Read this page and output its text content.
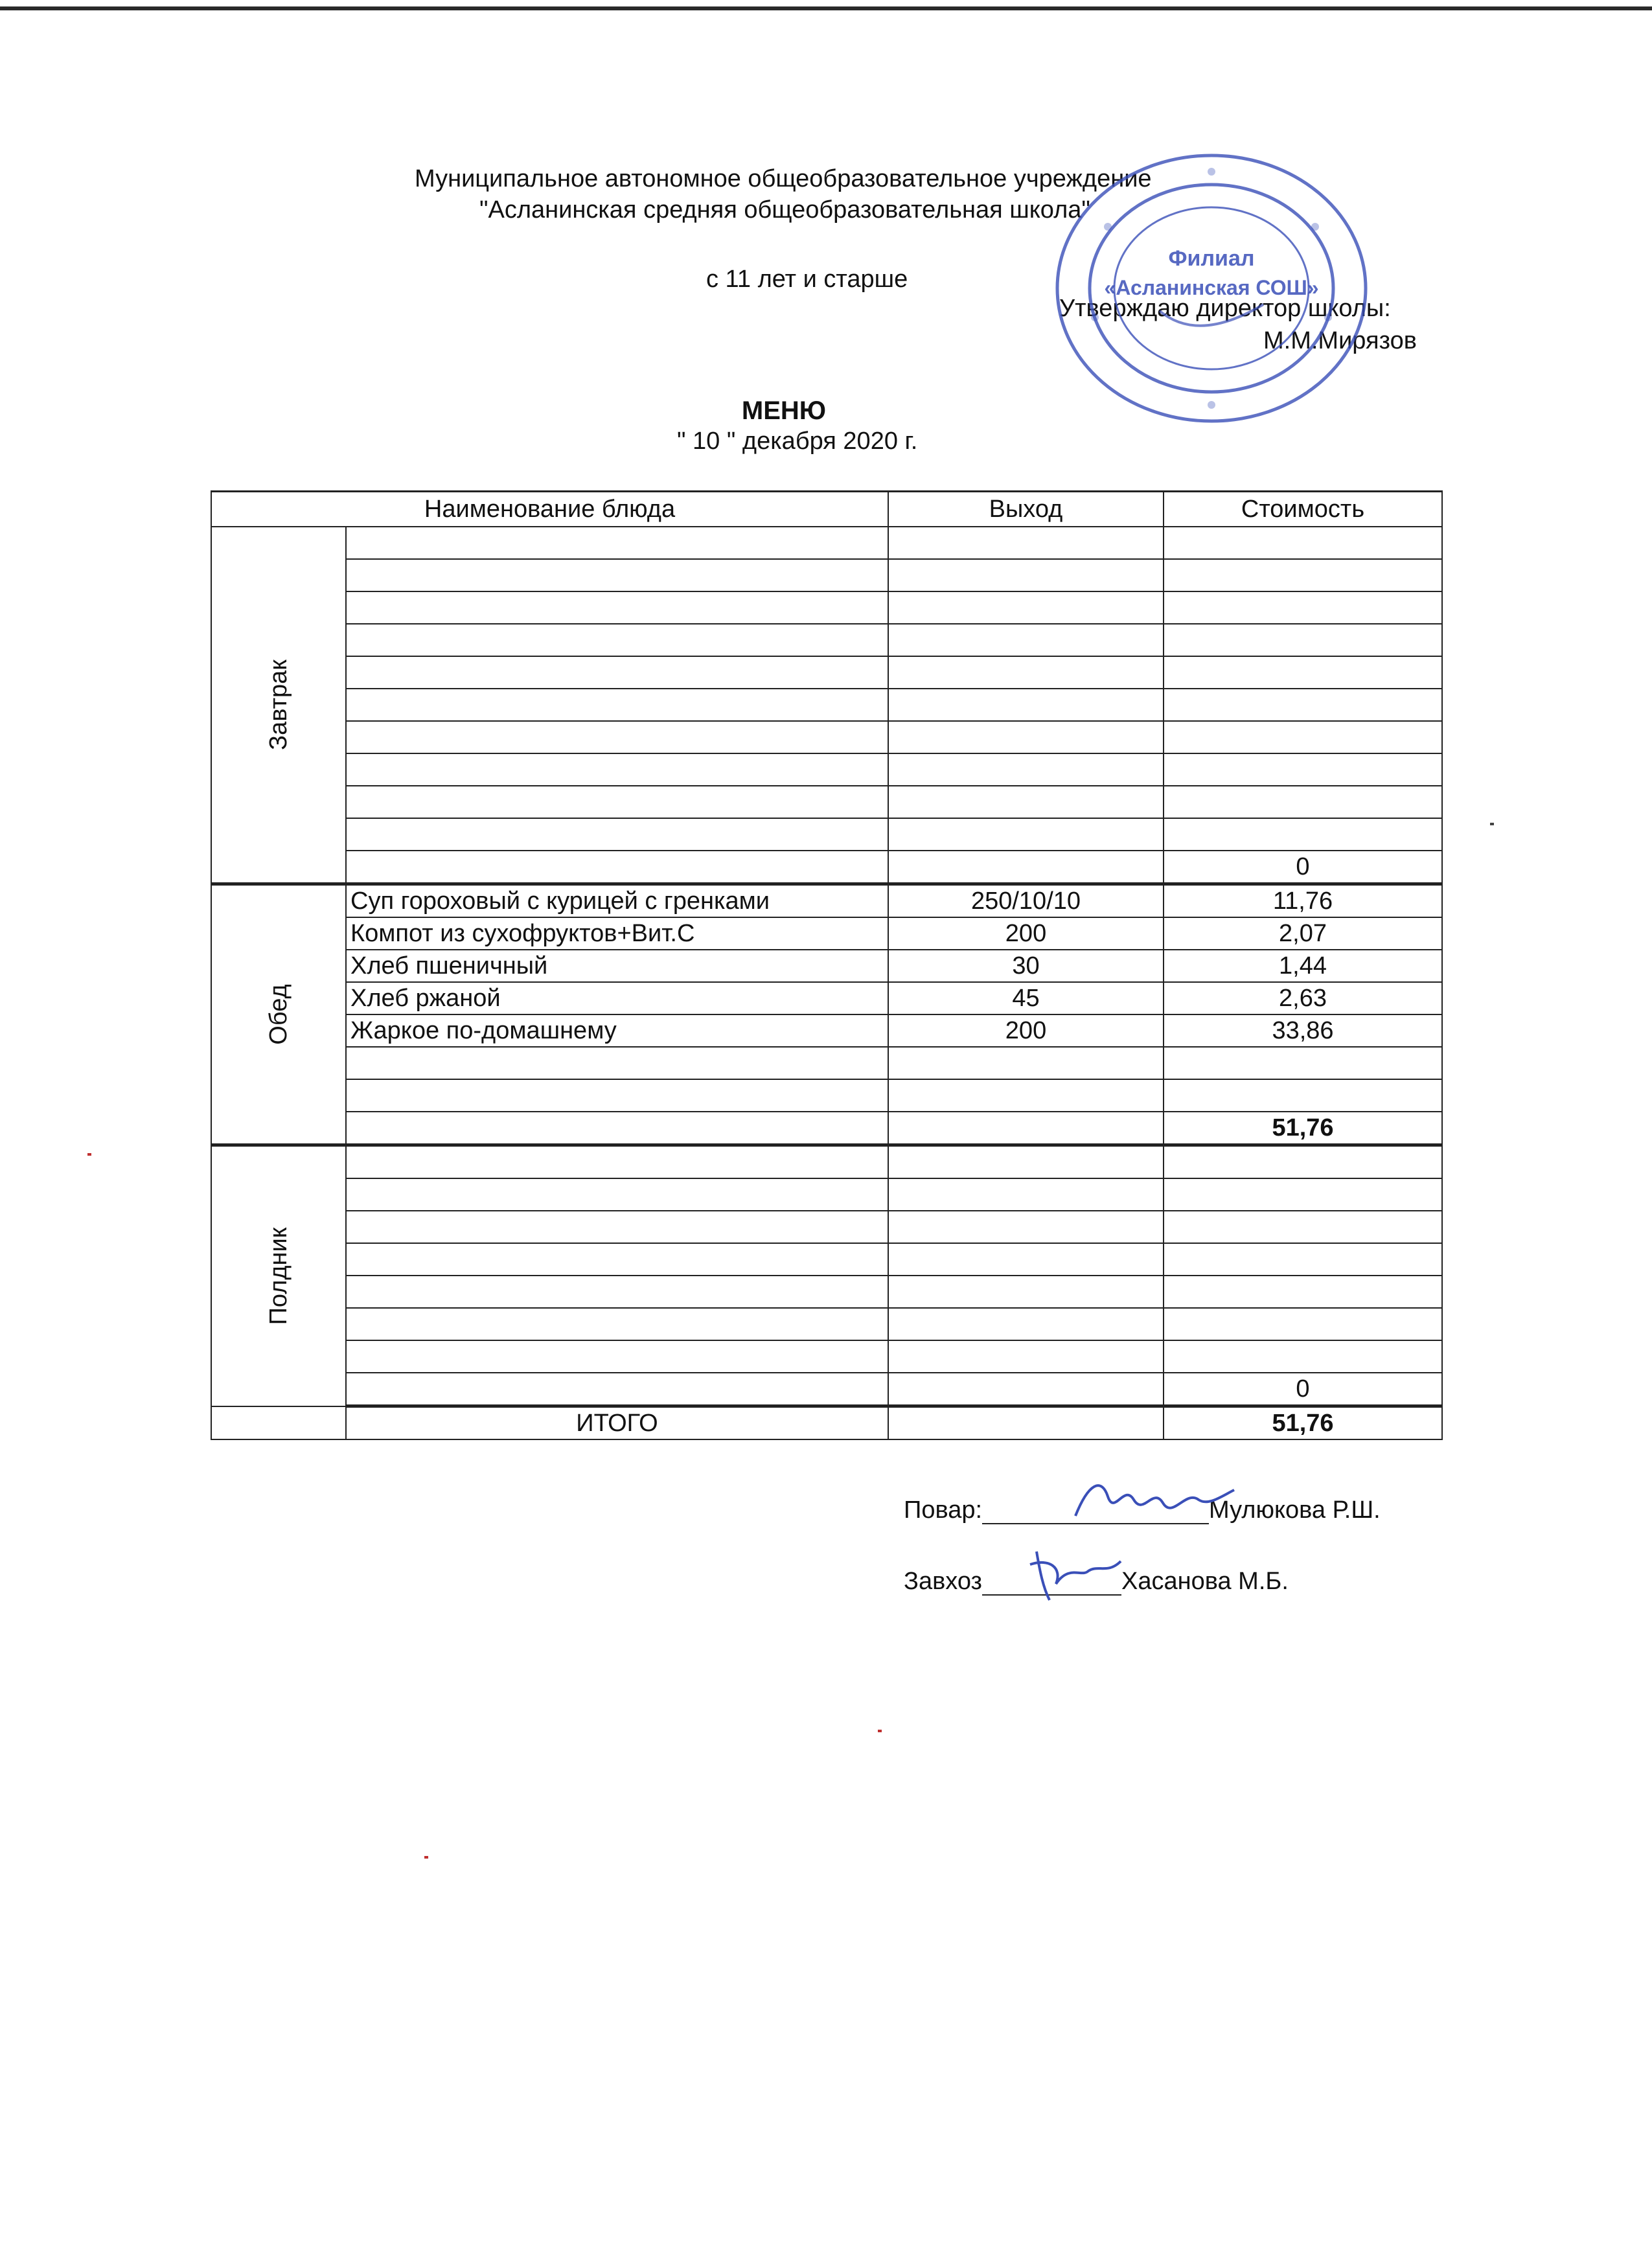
Муниципальное автономное общеобразовательное учреждение
"Асланинская средняя общеобразовательная школа"
с 11 лет и старше
Утверждаю директор школы:
М.М.Мирязов
Филиал
«Асланинская СОШ»
МЕНЮ
" 10 " декабря 2020 г.
Наименование блюда		Выход	Стоимость

Завтрак			

			0

Обед	Суп гороховый с курицей с гренками	250/10/10	11,76
	Компот из сухофруктов+Вит.С	200	2,07
	Хлеб пшеничный	30	1,44
	Хлеб ржаной	45	2,63
	Жаркое по-домашнему	200	33,86

			51,76

Полдник			

			0
	ИТОГО		51,76
Повар:	Мулюкова Р.Ш.
Завхоз	Хасанова М.Б.
